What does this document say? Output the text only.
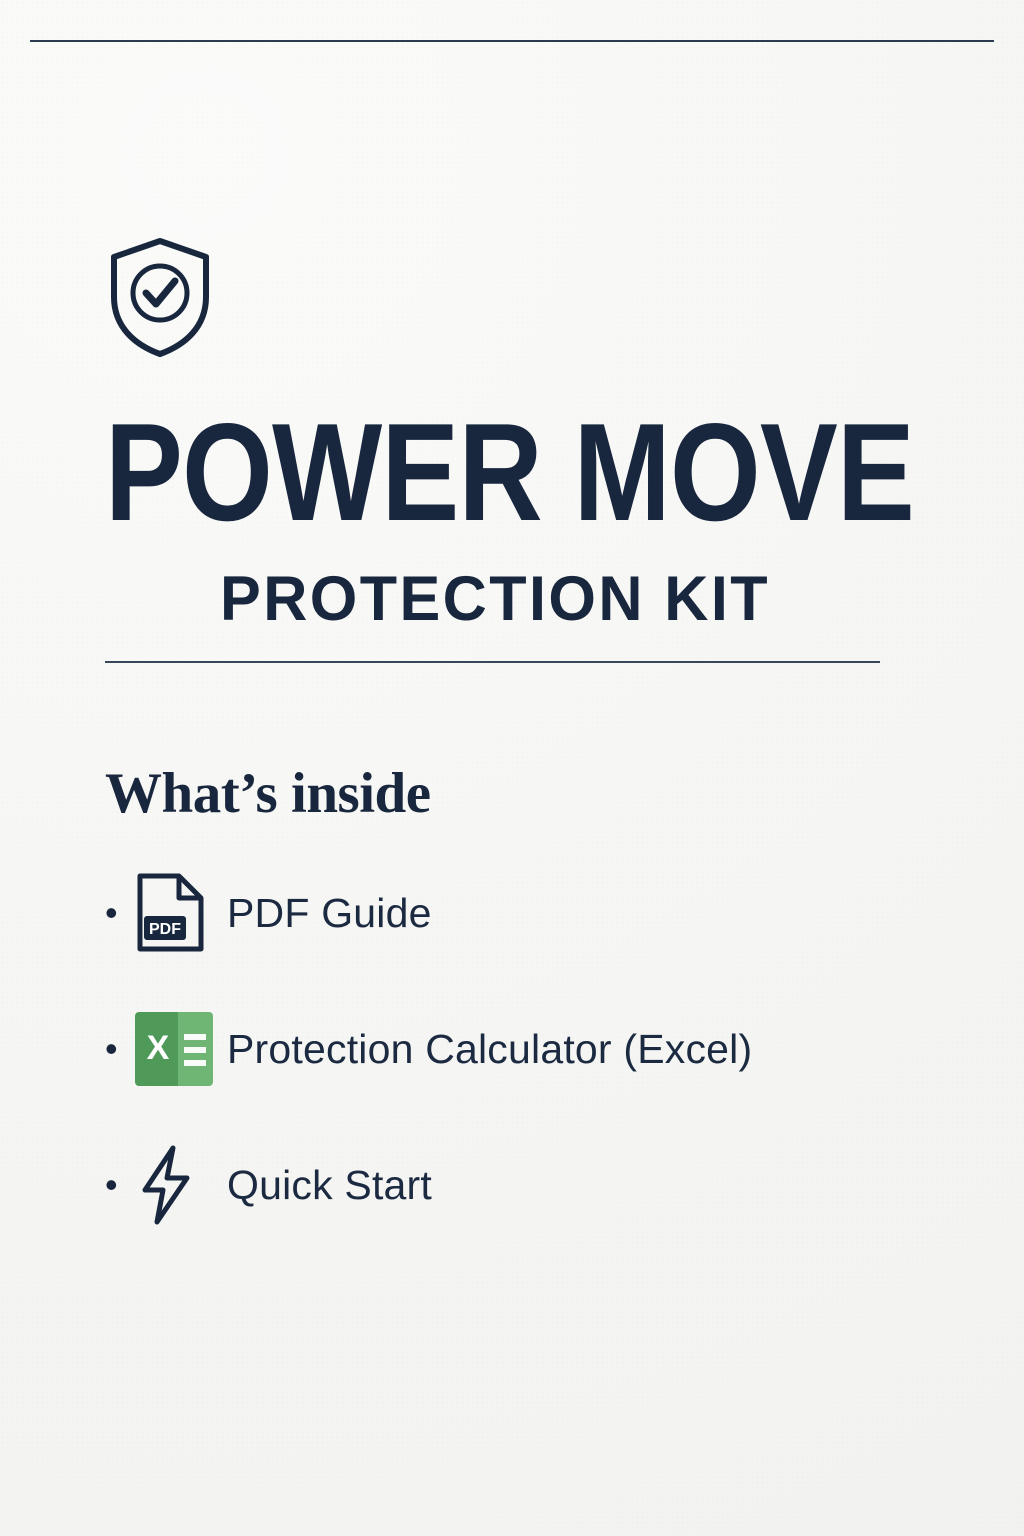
POWER MOVE
PROTECTION KIT
What’s inside
•	PDF PDF Guide
• X Protection Calculator (Excel)
•	Quick Start
